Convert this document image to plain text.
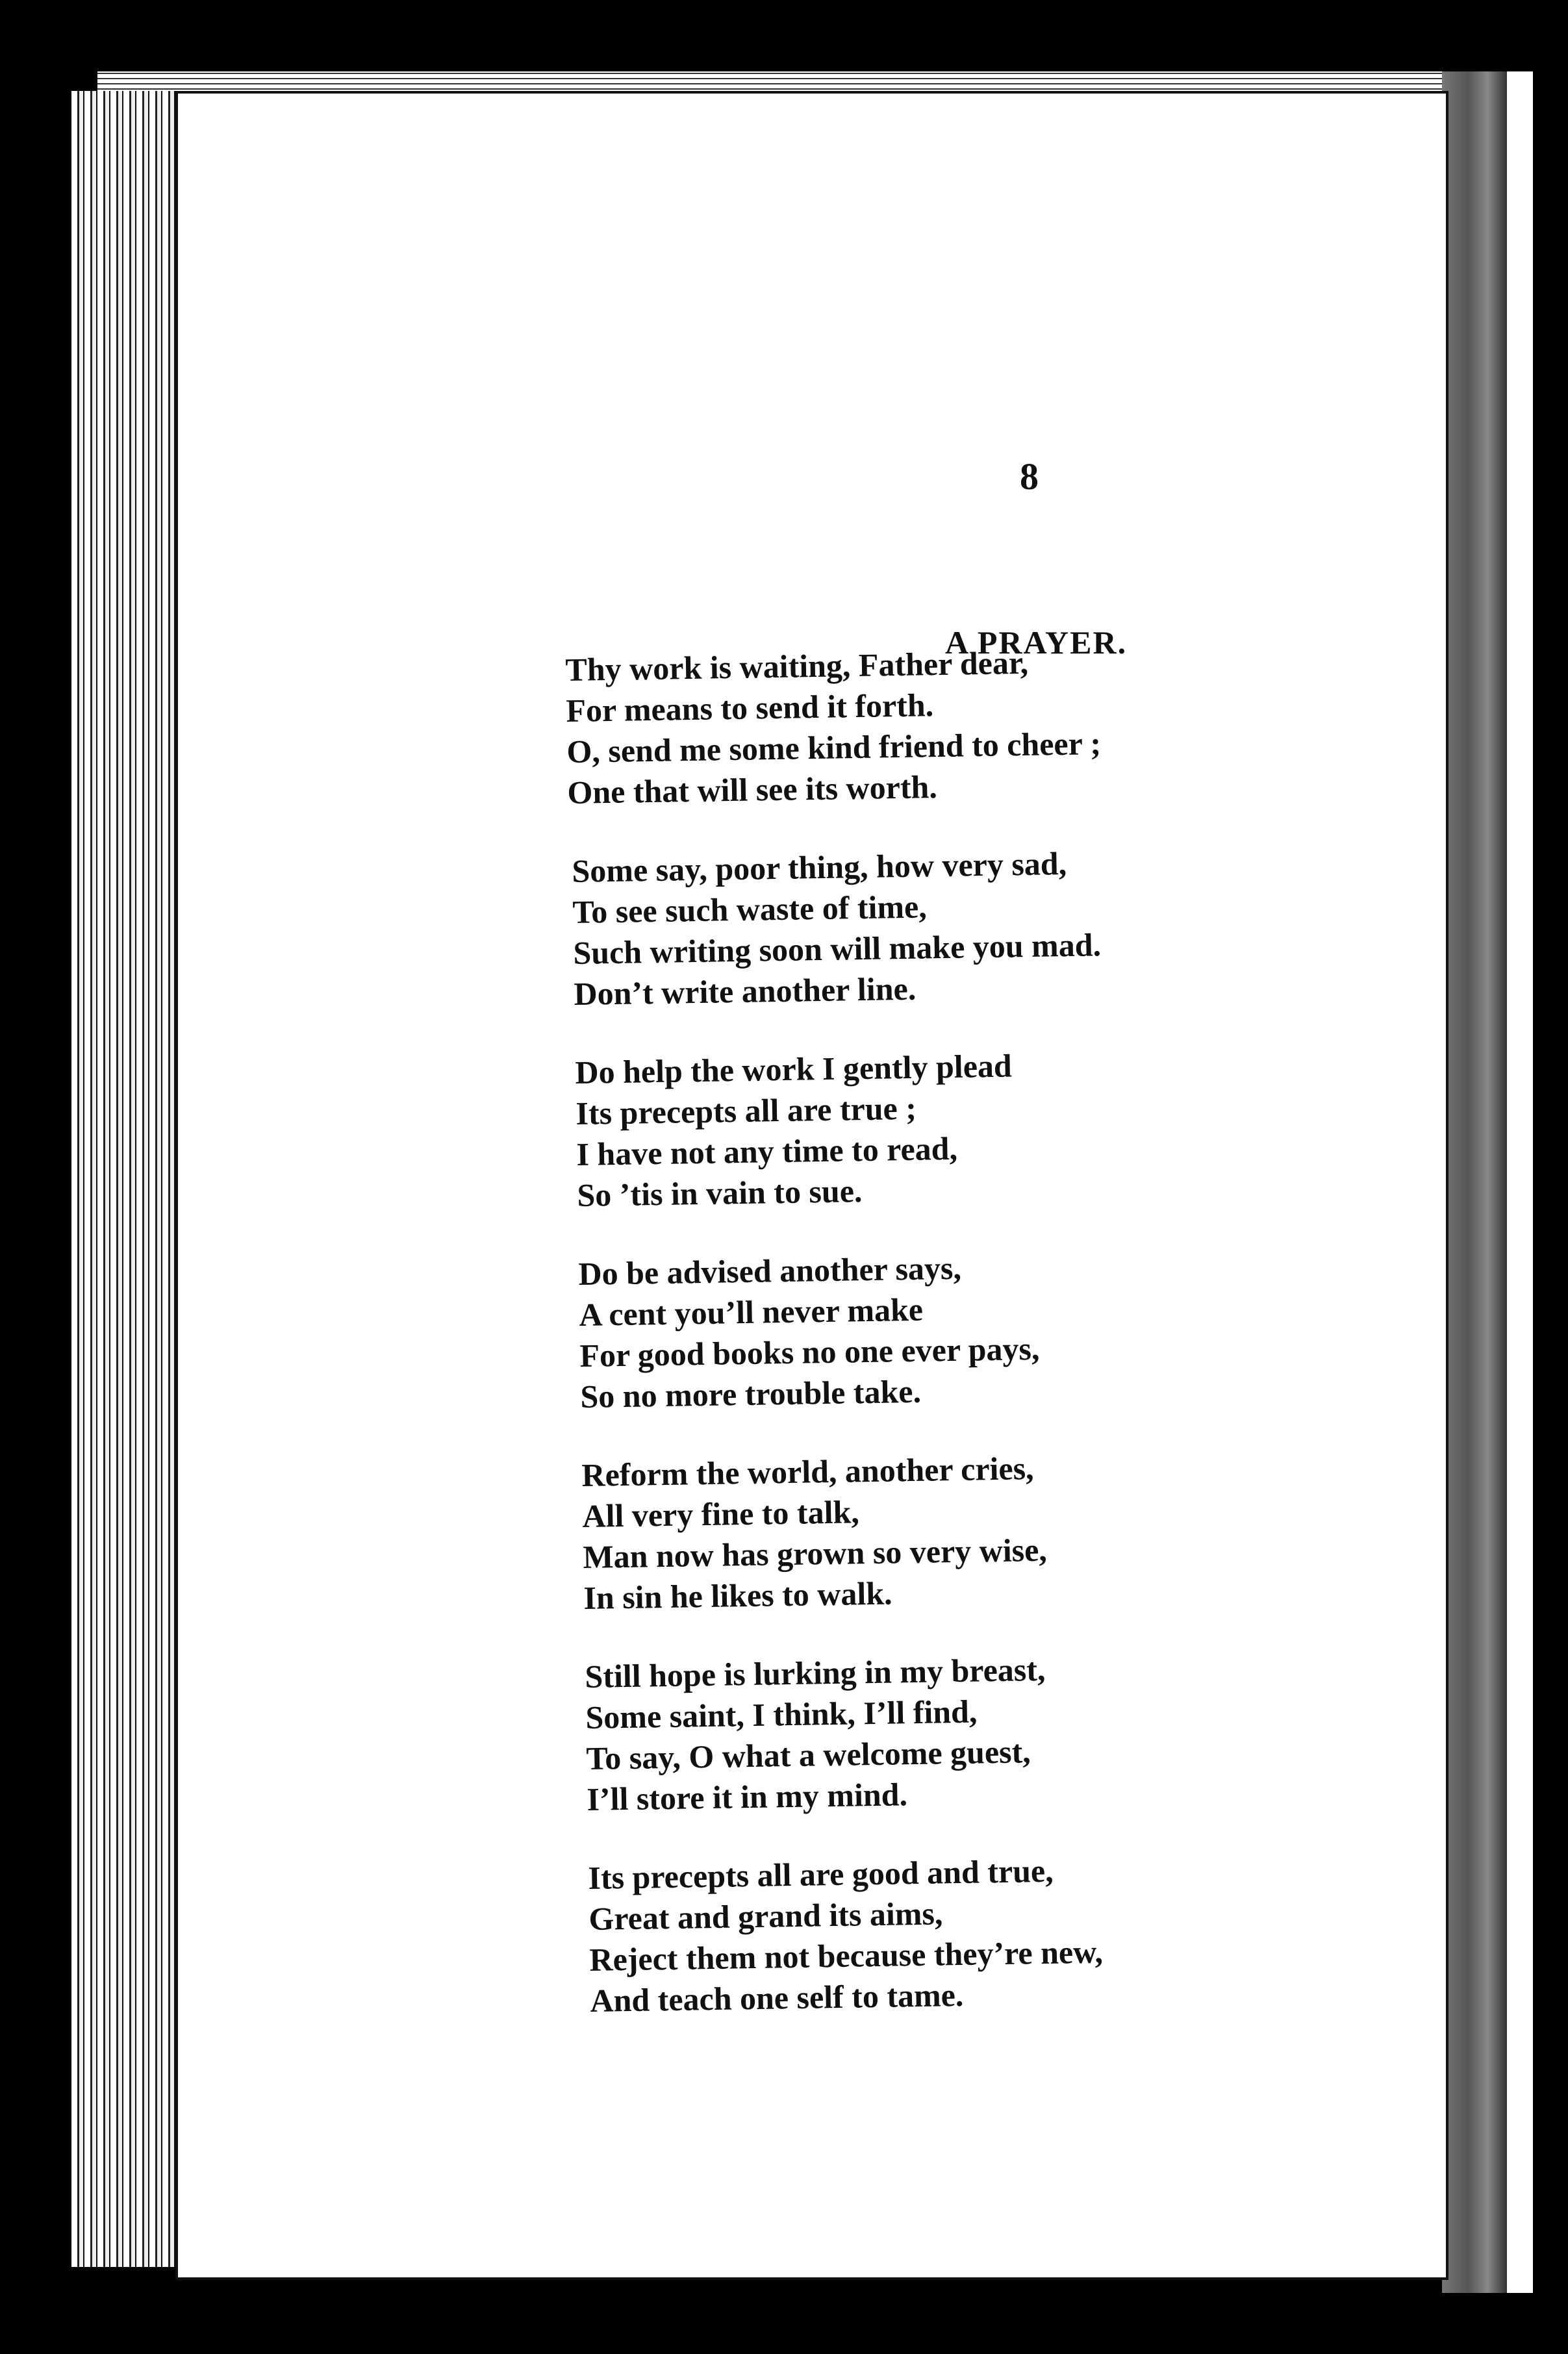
8
A PRAYER.
Thy work is waiting, Father dear,
For means to send it forth.
O, send me some kind friend to cheer ;
One that will see its worth.
Some say, poor thing, how very sad,
To see such waste of time,
Such writing soon will make you mad.
Don’t write another line.
Do help the work I gently plead
Its precepts all are true ;
I have not any time to read,
So ’tis in vain to sue.
Do be advised another says,
A cent you’ll never make
For good books no one ever pays,
So no more trouble take.
Reform the world, another cries,
All very fine to talk,
Man now has grown so very wise,
In sin he likes to walk.
Still hope is lurking in my breast,
Some saint, I think, I’ll find,
To say, O what a welcome guest,
I’ll store it in my mind.
Its precepts all are good and true,
Great and grand its aims,
Reject them not because they’re new,
And teach one self to tame.
